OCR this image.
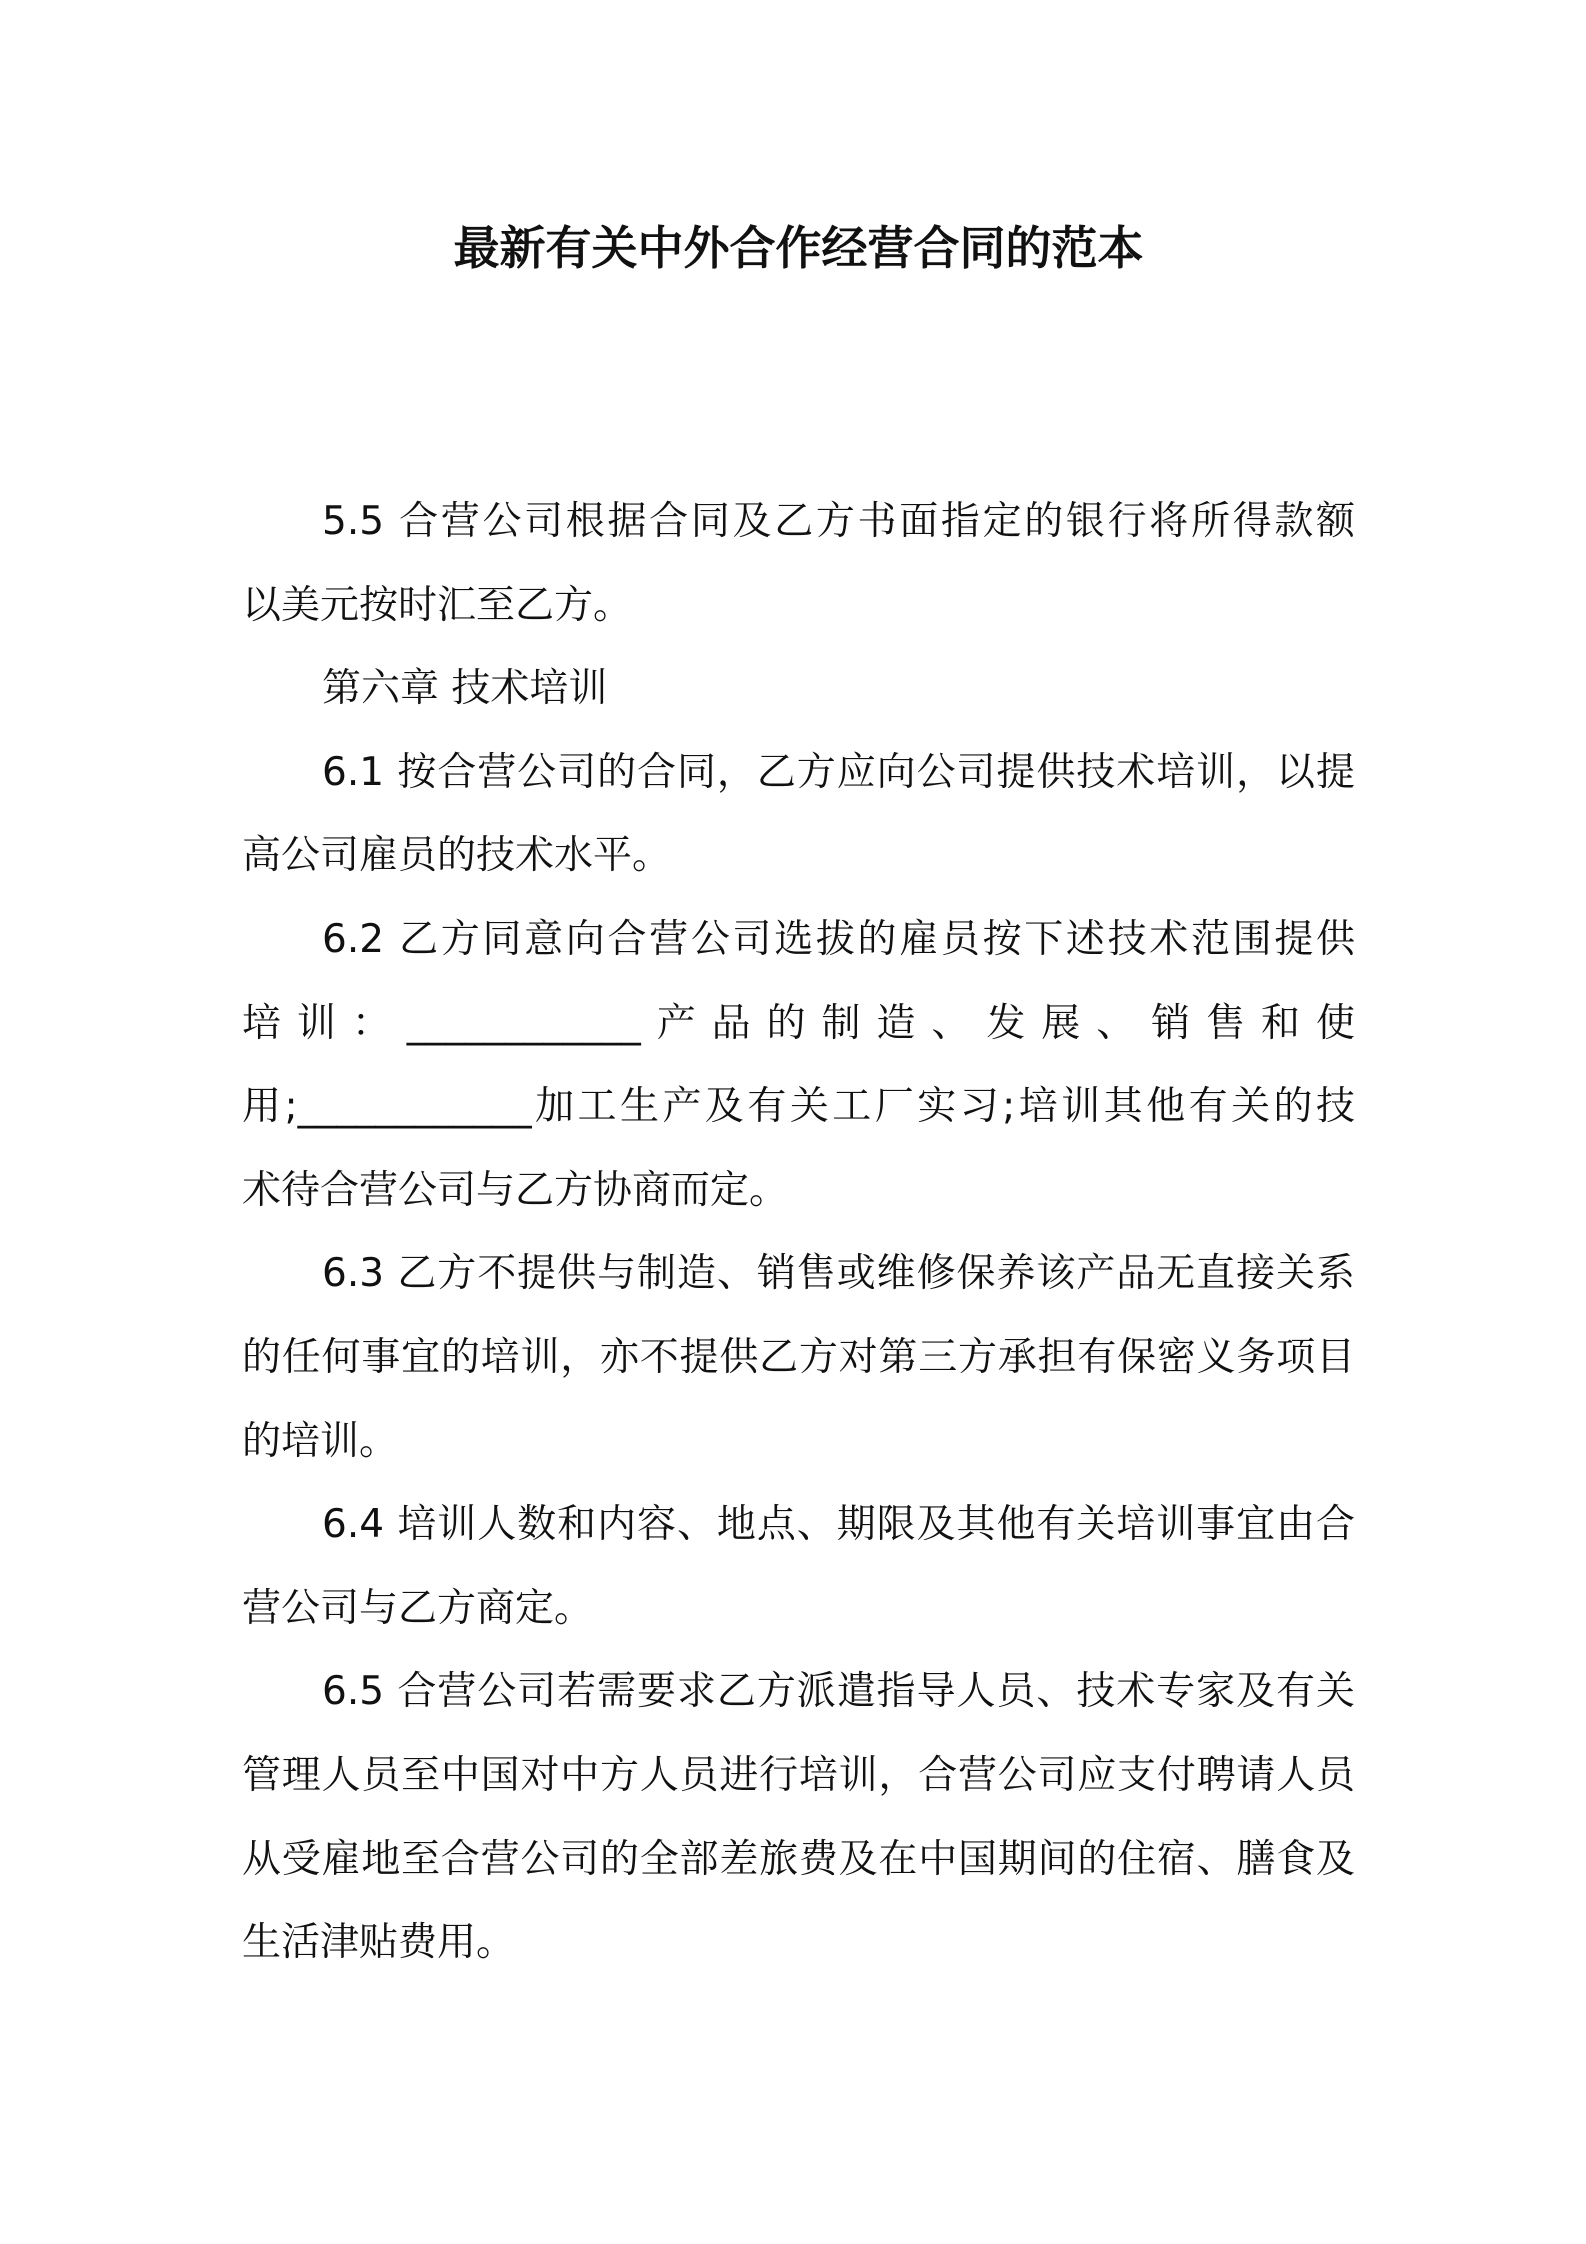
最新有关中外合作经营合同的范本
5.5 合营公司根据合同及乙方书面指定的银行将所得款额
以美元按时汇至乙方。
第六章 技术培训
6.1 按合营公司的合同，乙方应向公司提供技术培训，以提
高公司雇员的技术水平。
6.2 乙方同意向合营公司选拔的雇员按下述技术范围提供
培训：____________产品的制造、发展、销售和使
用;____________加工生产及有关工厂实习;培训其他有关的技
术待合营公司与乙方协商而定。
6.3 乙方不提供与制造、销售或维修保养该产品无直接关系
的任何事宜的培训，亦不提供乙方对第三方承担有保密义务项目
的培训。
6.4 培训人数和内容、地点、期限及其他有关培训事宜由合
营公司与乙方商定。
6.5 合营公司若需要求乙方派遣指导人员、技术专家及有关
管理人员至中国对中方人员进行培训，合营公司应支付聘请人员
从受雇地至合营公司的全部差旅费及在中国期间的住宿、膳食及
生活津贴费用。
